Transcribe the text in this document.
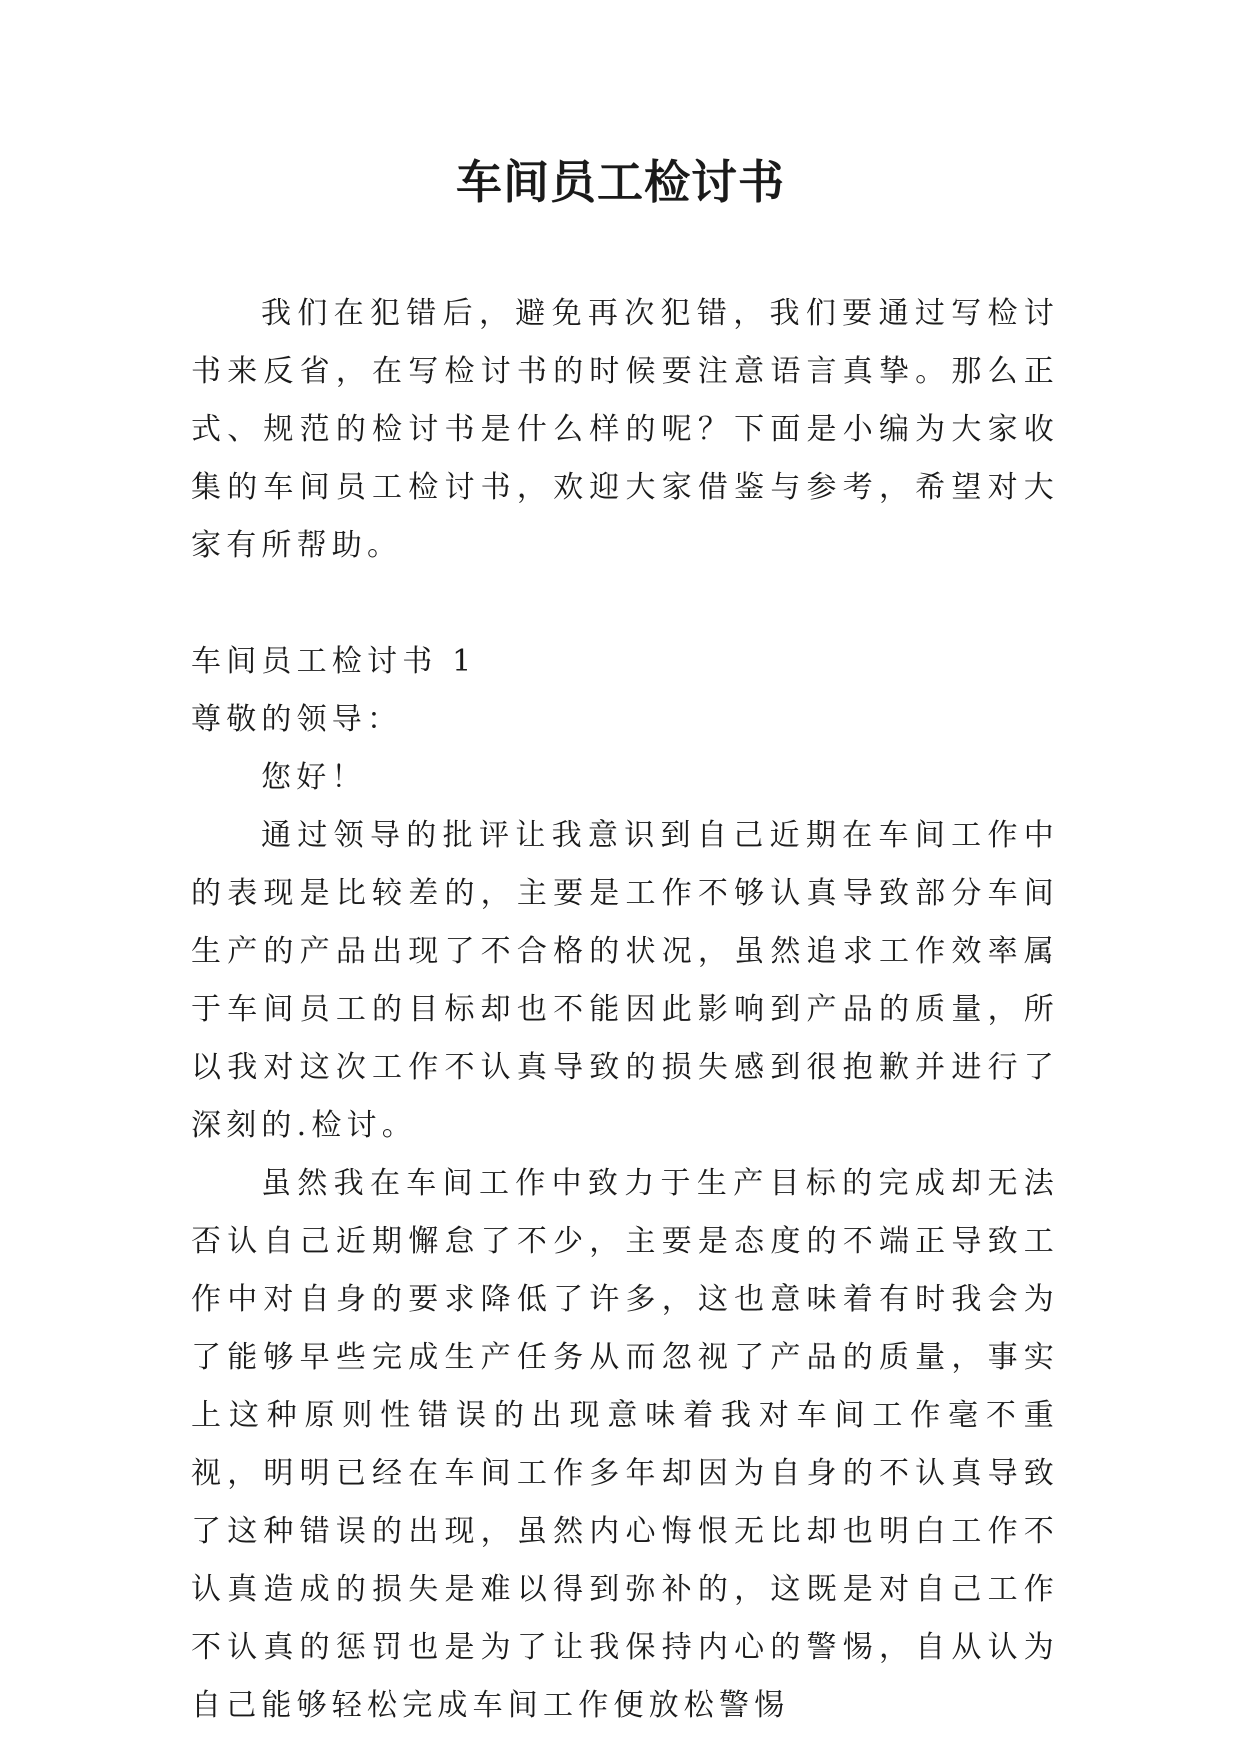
车间员工检讨书

我们在犯错后，避免再次犯错，我们要通过写检讨书来反省，在写检讨书的时候要注意语言真挚。那么正式、规范的检讨书是什么样的呢？下面是小编为大家收集的车间员工检讨书，欢迎大家借鉴与参考，希望对大家有所帮助。

车间员工检讨书 1

尊敬的领导：

您好！

通过领导的批评让我意识到自己近期在车间工作中的表现是比较差的，主要是工作不够认真导致部分车间生产的产品出现了不合格的状况，虽然追求工作效率属于车间员工的目标却也不能因此影响到产品的质量，所以我对这次工作不认真导致的损失感到很抱歉并进行了深刻的.检讨。

虽然我在车间工作中致力于生产目标的完成却无法否认自己近期懈怠了不少，主要是态度的不端正导致工作中对自身的要求降低了许多，这也意味着有时我会为了能够早些完成生产任务从而忽视了产品的质量，事实上这种原则性错误的出现意味着我对车间工作毫不重视，明明已经在车间工作多年却因为自身的不认真导致了这种错误的出现，虽然内心悔恨无比却也明白工作不认真造成的损失是难以得到弥补的，这既是对自己工作不认真的惩罚也是为了让我保持内心的警惕，自从认为自己能够轻松完成车间工作便放松警惕
